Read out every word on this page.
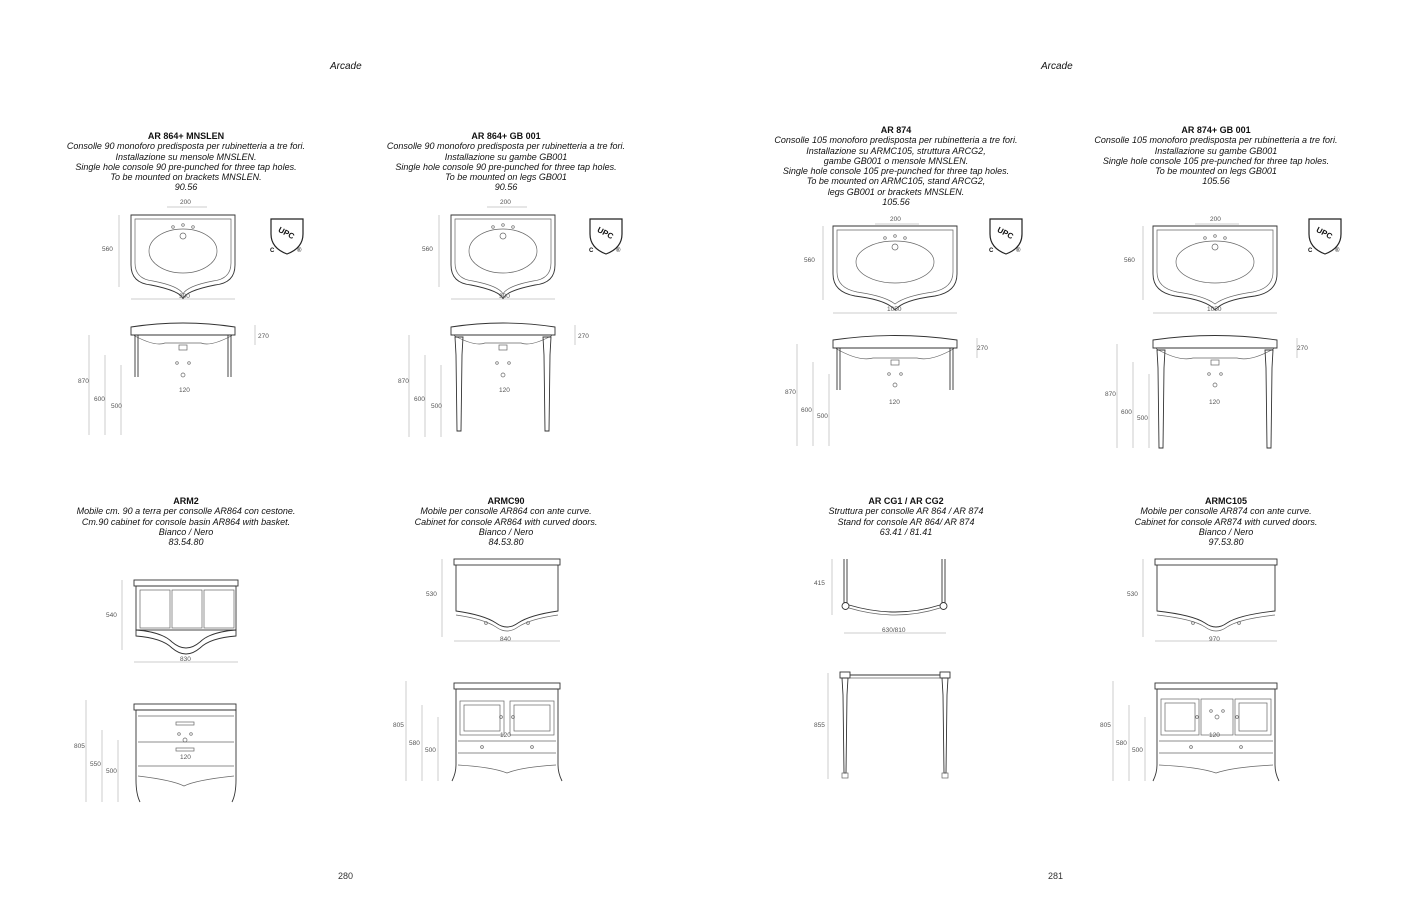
Arcade
280
Arcade
281
AR 864+ MNSLEN
Consolle 90 monoforo predisposta per rubinetteria a tre fori.
Installazione su mensole MNSLEN.
Single hole console 90 pre-punched for three tap holes.
To be mounted on brackets MNSLEN.
90.56
AR 864+ GB 001
Consolle 90 monoforo predisposta per rubinetteria a tre fori.
Installazione su gambe GB001
Single hole console 90 pre-punched for three tap holes.
To be mounted on legs GB001
90.56
AR 874
Consolle 105 monoforo predisposta per rubinetteria a tre fori.
Installazione su ARMC105, struttura ARCG2,
gambe GB001 o mensole MNSLEN.
Single hole console 105 pre-punched for three tap holes.
To be mounted on ARMC105, stand ARCG2,
legs GB001 or brackets MNSLEN.
105.56
AR 874+ GB 001
Consolle 105 monoforo predisposta per rubinetteria a tre fori.
Installazione su gambe GB001
Single hole console 105 pre-punched for three tap holes.
To be mounted on legs GB001
105.56
ARM2
Mobile cm. 90 a terra per consolle AR864 con cestone.
Cm.90 cabinet for console basin AR864 with basket.
Bianco / Nero
83.54.80
ARMC90
Mobile per consolle AR864 con ante curve.
Cabinet for console AR864 with curved doors.
Bianco / Nero
84.53.80
AR CG1 / AR CG2
Struttura per consolle AR 864 / AR 874
Stand for console AR 864/ AR 874
63.41 / 81.41
ARMC105
Mobile per consolle AR874 con ante curve.
Cabinet for console AR874 with curved doors.
Bianco / Nero
97.53.80
200
560
900
270
120
870
600
500
200
560
900
270
120
870
600
500
200
560
1050
270
120
870
600
500
200
560
1050
270
120
870
600
500
UPC
C	®
UPC
C	®
UPC
C	®
UPC
C	®
540
830
120
805
550
500
530
840
120
805
580
500
415
630/810
855
530
970
120
805
580
500
